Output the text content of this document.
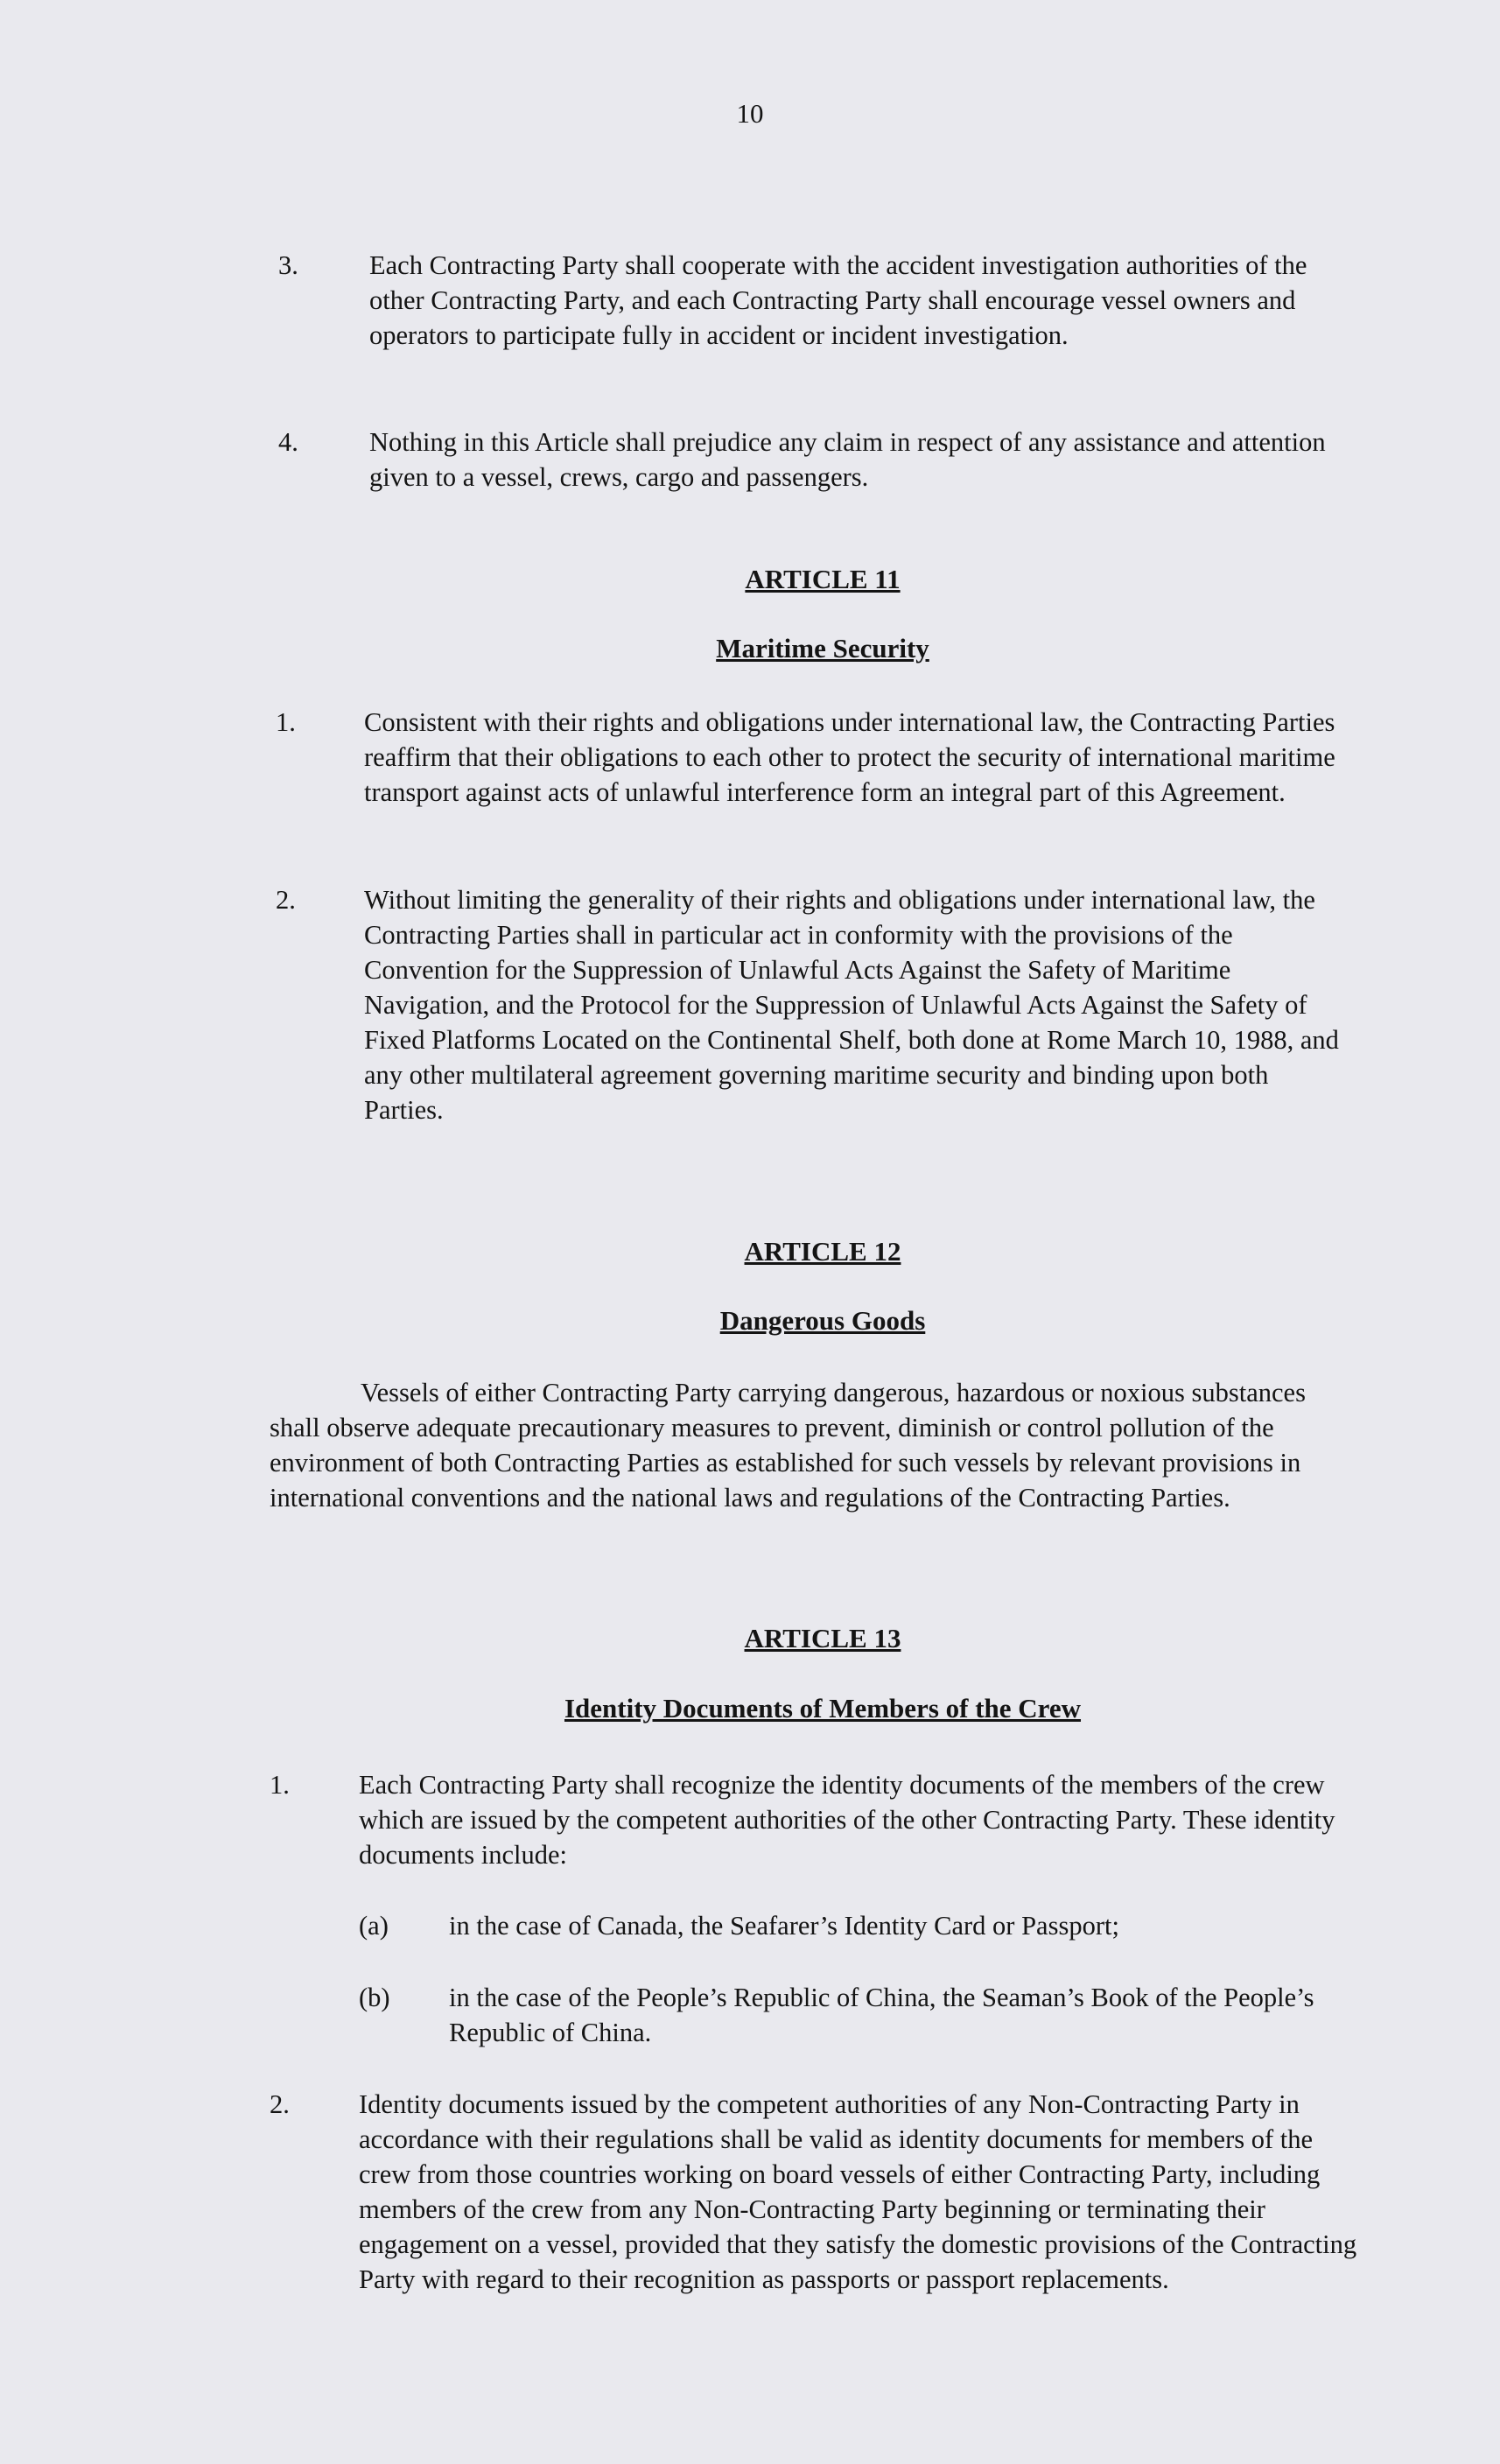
10
3.	Each Contracting Party shall cooperate with the accident investigation authorities of the other Contracting Party, and each Contracting Party shall encourage vessel owners and operators to participate fully in accident or incident investigation.
4.	Nothing in this Article shall prejudice any claim in respect of any assistance and attention given to a vessel, crews, cargo and passengers.
ARTICLE 11
Maritime Security
1.	Consistent with their rights and obligations under international law, the Contracting Parties reaffirm that their obligations to each other to protect the security of international maritime transport against acts of unlawful interference form an integral part of this Agreement.
2.	Without limiting the generality of their rights and obligations under international law, the Contracting Parties shall in particular act in conformity with the provisions of the Convention for the Suppression of Unlawful Acts Against the Safety of Maritime Navigation, and the Protocol for the Suppression of Unlawful Acts Against the Safety of Fixed Platforms Located on the Continental Shelf, both done at Rome March 10, 1988, and any other multilateral agreement governing maritime security and binding upon both Parties.
ARTICLE 12
Dangerous Goods
Vessels of either Contracting Party carrying dangerous, hazardous or noxious substances shall observe adequate precautionary measures to prevent, diminish or control pollution of the environment of both Contracting Parties as established for such vessels by relevant provisions in international conventions and the national laws and regulations of the Contracting Parties.
ARTICLE 13
Identity Documents of Members of the Crew
1.	Each Contracting Party shall recognize the identity documents of the members of the crew which are issued by the competent authorities of the other Contracting Party. These identity documents include:
(a) in the case of Canada, the Seafarer’s Identity Card or Passport;
(b) in the case of the People’s Republic of China, the Seaman’s Book of the People’s Republic of China.
2.	Identity documents issued by the competent authorities of any Non-Contracting Party in accordance with their regulations shall be valid as identity documents for members of the crew from those countries working on board vessels of either Contracting Party, including members of the crew from any Non-Contracting Party beginning or terminating their engagement on a vessel, provided that they satisfy the domestic provisions of the Contracting Party with regard to their recognition as passports or passport replacements.
